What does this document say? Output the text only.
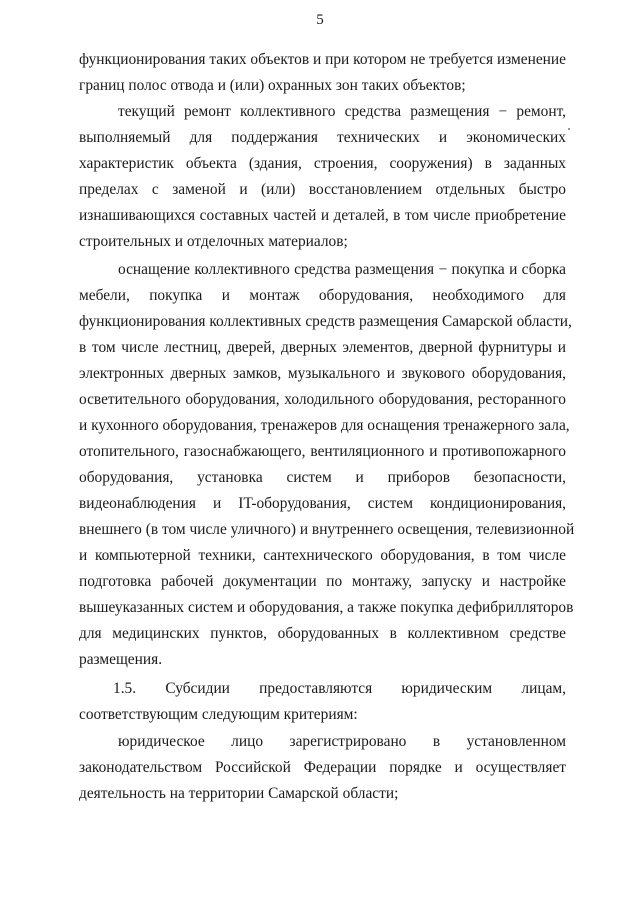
5
функционирования таких объектов и при котором не требуется изменение
границ полос отвода и (или) охранных зон таких объектов;
текущий ремонт коллективного средства размещения − ремонт,
выполняемый для поддержания технических и экономических
характеристик объекта (здания, строения, сооружения) в заданных
пределах с заменой и (или) восстановлением отдельных быстро
изнашивающихся составных частей и деталей, в том числе приобретение
строительных и отделочных материалов;
оснащение коллективного средства размещения − покупка и сборка
мебели, покупка и монтаж оборудования, необходимого для
функционирования коллективных средств размещения Самарской области,
в том числе лестниц, дверей, дверных элементов, дверной фурнитуры и
электронных дверных замков, музыкального и звукового оборудования,
осветительного оборудования, холодильного оборудования, ресторанного
и кухонного оборудования, тренажеров для оснащения тренажерного зала,
отопительного, газоснабжающего, вентиляционного и противопожарного
оборудования, установка систем и приборов безопасности,
видеонаблюдения и IT-оборудования, систем кондиционирования,
внешнего (в том числе уличного) и внутреннего освещения, телевизионной
и компьютерной техники, сантехнического оборудования, в том числе
подготовка рабочей документации по монтажу, запуску и настройке
вышеуказанных систем и оборудования, а также покупка дефибрилляторов
для медицинских пунктов, оборудованных в коллективном средстве
размещения.
1.5. Субсидии предоставляются юридическим лицам,
соответствующим следующим критериям:
юридическое лицо зарегистрировано в установленном
законодательством Российской Федерации порядке и осуществляет
деятельность на территории Самарской области;
